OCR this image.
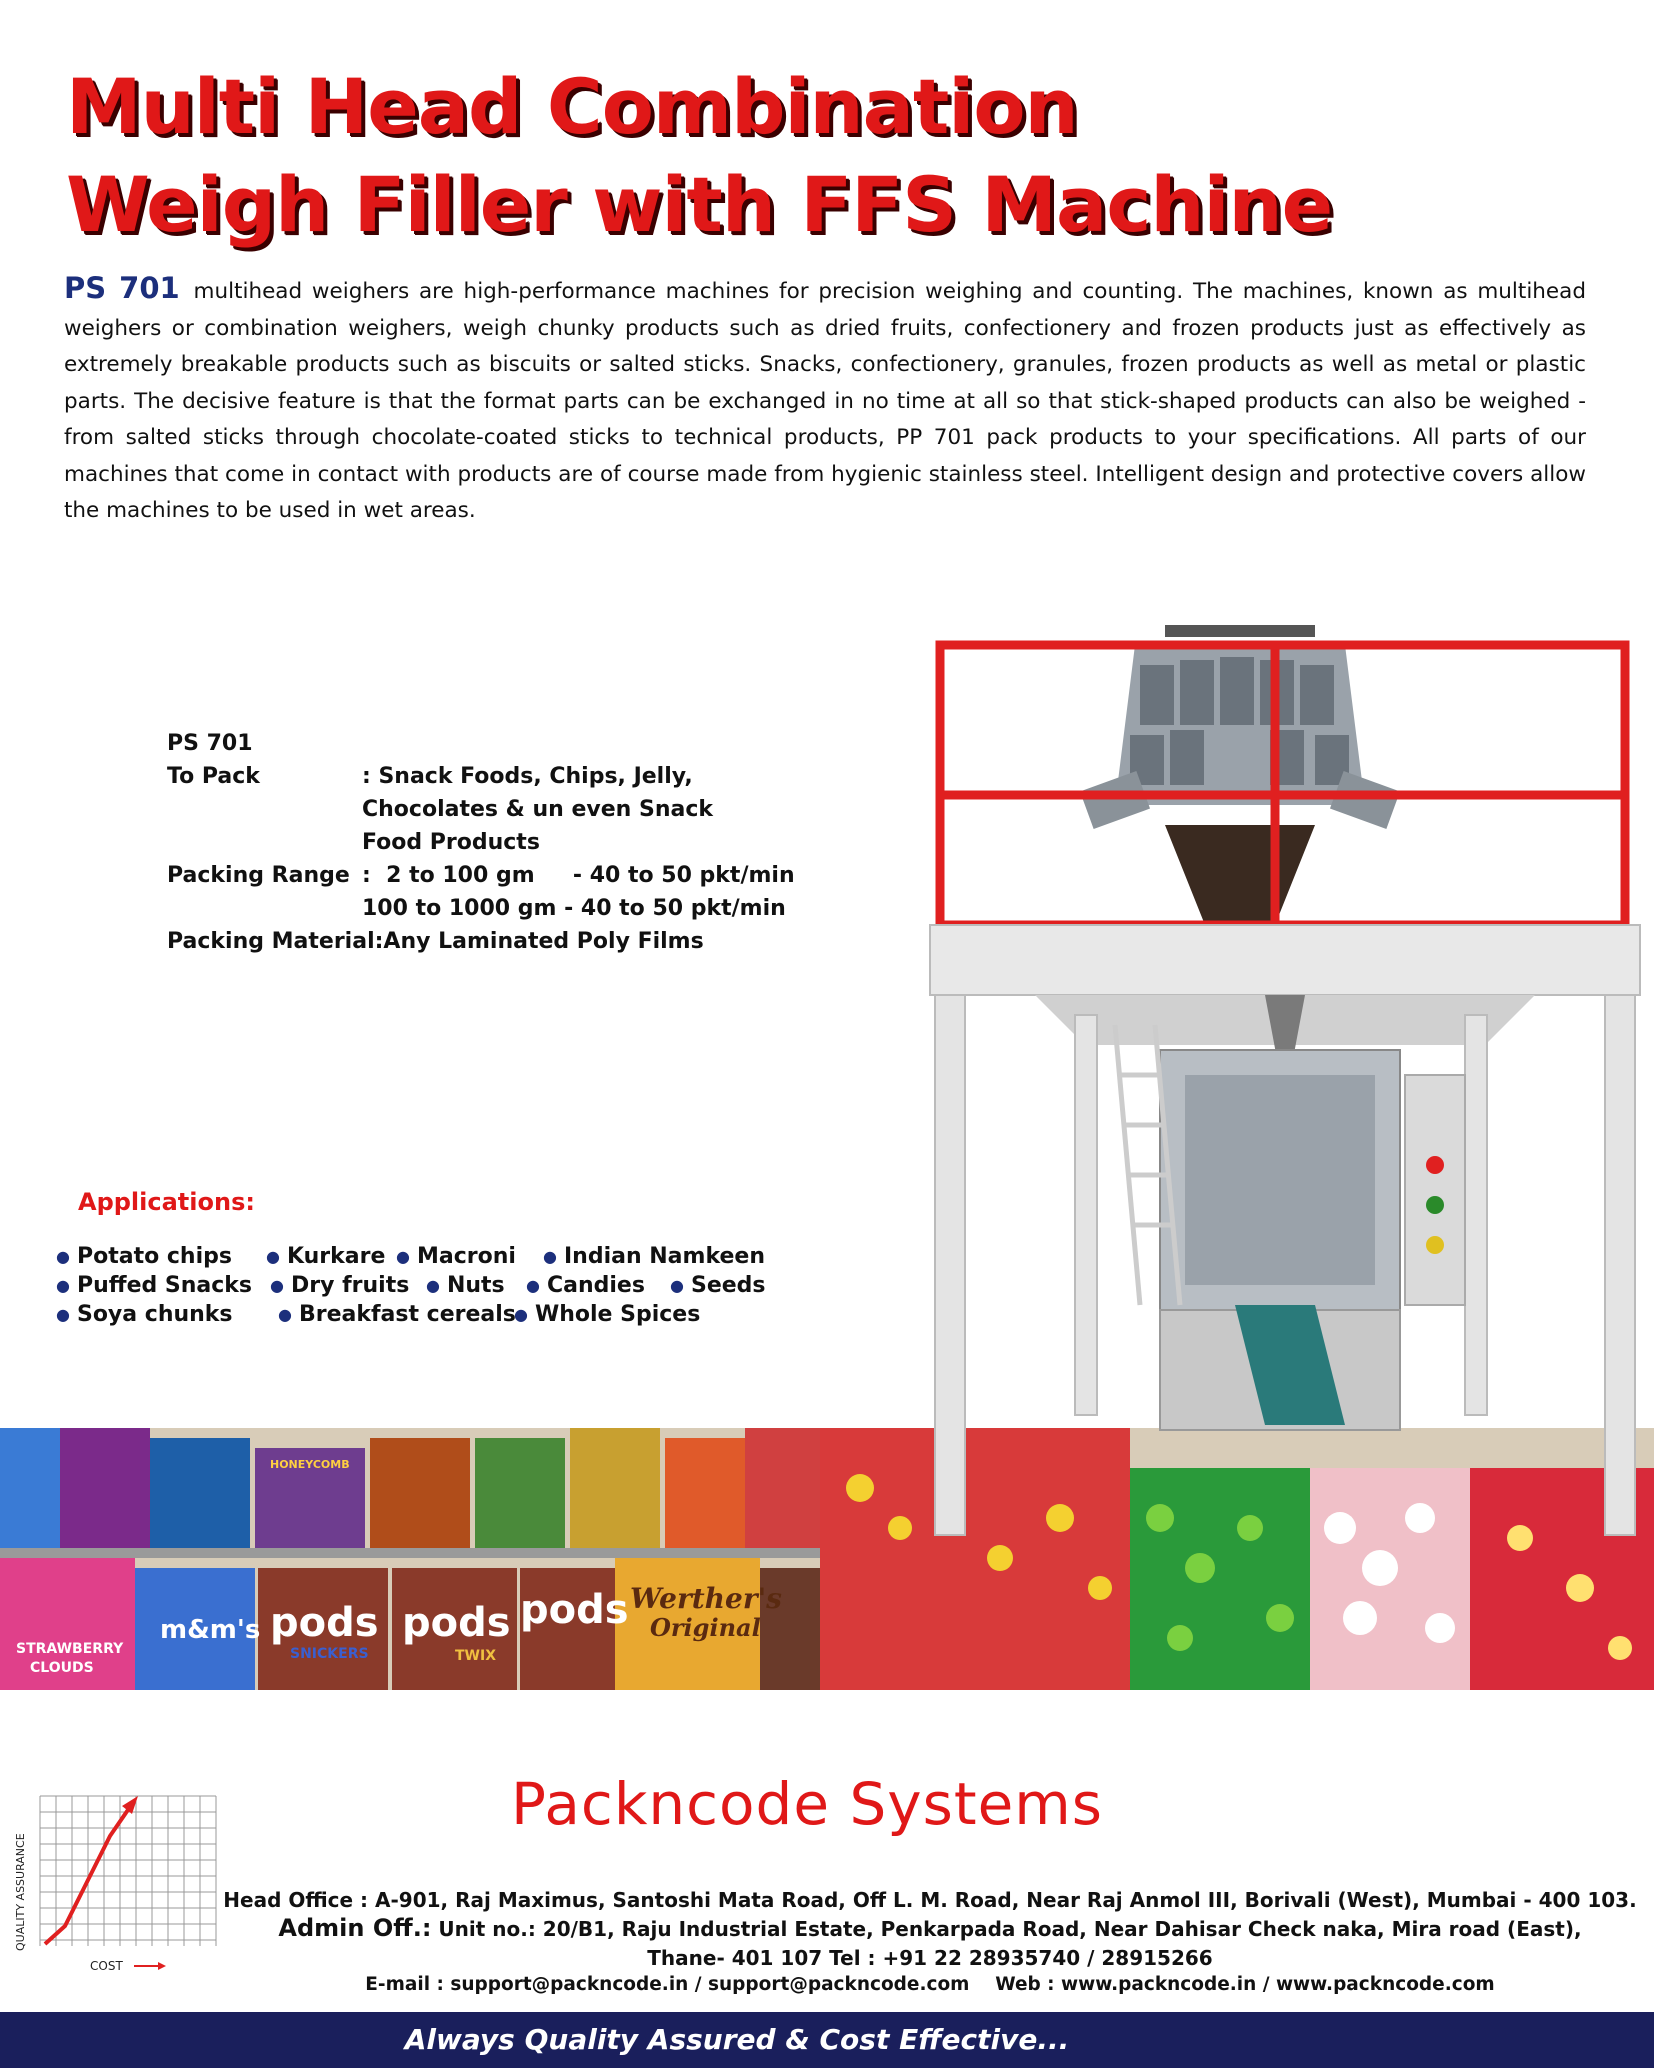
Multi Head Combination
Weigh Filler with FFS Machine
PS 701 multihead weighers are high-performance machines for precision weighing and counting. The machines, known as multihead weighers or combination weighers, weigh chunky products such as dried fruits, confectionery and frozen products just as effectively as extremely breakable products such as biscuits or salted sticks. Snacks, confectionery, granules, frozen products as well as metal or plastic parts. The decisive feature is that the format parts can be exchanged in no time at all so that stick-shaped products can also be weighed - from salted sticks through chocolate-coated sticks to technical products, PP 701 pack products to your specifications. All parts of our machines that come in contact with products are of course made from hygienic stainless steel. Intelligent design and protective covers allow the machines to be used in wet areas.
PS 701
To Pack	: Snack Foods, Chips, Jelly,
Chocolates & un even Snack
Food Products
Packing Range :  2 to 100 gm     - 40 to 50 pkt/min
100 to 1000 gm - 40 to 50 pkt/min
Packing Material :Any Laminated Poly Films
Applications:
● Potato chips ● Kurkare ● Macroni ● Indian Namkeen
● Puffed Snacks ● Dry fruits ● Nuts ● Candies ● Seeds
● Soya chunks	● Breakfast cereals
● Whole Spices
STRAWBERRY
CLOUDS
m&m's
HONEYCOMB
pods
SNICKERS
pods
TWIX
pods Werther's
Original
QUALITY ASSURANCE
COST
Packncode Systems
Head Office : A-901, Raj Maximus, Santoshi Mata Road, Off L. M. Road, Near Raj Anmol III, Borivali (West), Mumbai - 400 103.
Admin Off.: Unit no.: 20/B1, Raju Industrial Estate, Penkarpada Road, Near Dahisar Check naka, Mira road (East),
Thane- 401 107 Tel : +91 22 28935740 / 28915266
E-mail : support@packncode.in / support@packncode.com    Web : www.packncode.in / www.packncode.com
Always Quality Assured & Cost Effective...
